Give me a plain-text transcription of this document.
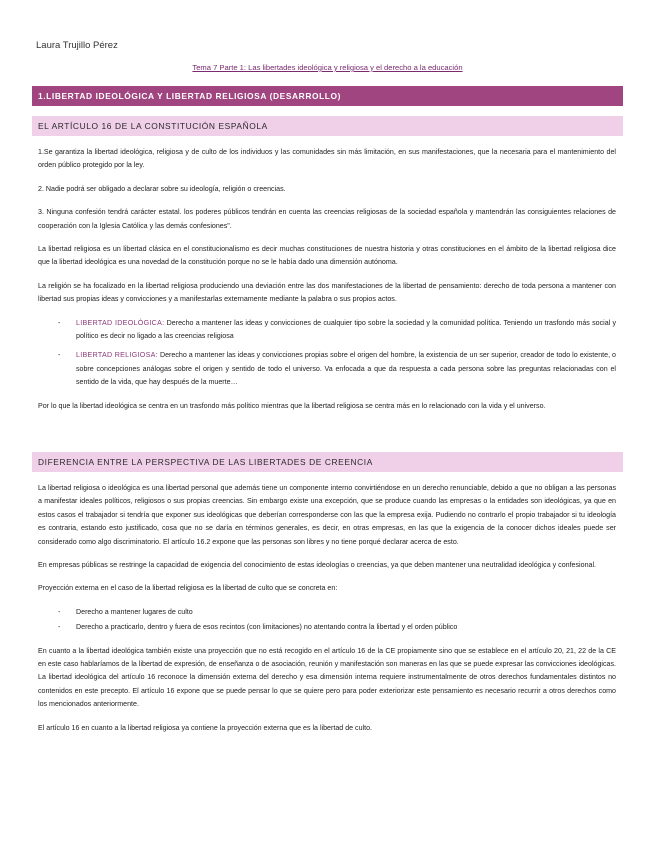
Laura Trujillo Pérez
Tema 7 Parte 1: Las libertades ideológica y religiosa y el derecho a la educación
1.LIBERTAD IDEOLÓGICA Y LIBERTAD RELIGIOSA (DESARROLLO)
EL ARTÍCULO 16 DE LA CONSTITUCIÓN ESPAÑOLA

1.Se garantiza la libertad ideológica, religiosa y de culto de los individuos y las comunidades sin más limitación, en sus manifestaciones, que la necesaria para el mantenimiento del orden público protegido por la ley.

2. Nadie podrá ser obligado a declarar sobre su ideología, religión o creencias.

3. Ninguna confesión tendrá carácter estatal. los poderes públicos tendrán en cuenta las creencias religiosas de la sociedad española y mantendrán las consiguientes relaciones de cooperación con la Iglesia Católica y las demás confesiones".

La libertad religiosa es un libertad clásica en el constitucionalismo es decir muchas constituciones de nuestra historia y otras constituciones en el ámbito de la libertad religiosa dice que la libertad ideológica es una novedad de la constitución porque no se le había dado una dimensión autónoma.

La religión se ha focalizado en la libertad religiosa produciendo una deviación entre las dos manifestaciones de la libertad de pensamiento: derecho de toda persona a mantener con libertad sus propias ideas y convicciones y a manifestarlas externamente mediante la palabra o sus propios actos.

- LIBERTAD IDEOLÓGICA: Derecho a mantener las ideas y convicciones de cualquier tipo sobre la sociedad y la comunidad política. Teniendo un trasfondo más social y político es decir no ligado a las creencias religiosa
- LIBERTAD RELIGIOSA: Derecho a mantener las ideas y convicciones propias sobre el origen del hombre, la existencia de un ser superior, creador de todo lo existente, o sobre concepciones análogas sobre el origen y sentido de todo el universo. Va enfocada a que da respuesta a cada persona sobre las preguntas relacionadas con el sentido de la vida, que hay después de la muerte…

Por lo que la libertad ideológica se centra en un trasfondo más político mientras que la libertad religiosa se centra más en lo relacionado con la vida y el universo.

DIFERENCIA ENTRE LA PERSPECTIVA DE LAS LIBERTADES DE CREENCIA

La libertad religiosa o ideológica es una libertad personal que además tiene un componente interno convirtiéndose en un derecho renunciable, debido a que no obligan a las personas a manifestar ideales políticos, religiosos o sus propias creencias. Sin embargo existe una excepción, que se produce cuando las empresas o la entidades son ideológicas, ya que en estos casos el trabajador si tendría que exponer sus ideológicas que deberían corresponderse con las que la empresa exija. Pudiendo no contrarlo el propio trabajador si tu ideología es contraria, estando esto justificado, cosa que no se daría en términos generales, es decir, en otras empresas, en las que la exigencia de la conocer dichos ideales puede ser considerado como algo discriminatorio. El artículo 16.2 expone que las personas son libres y no tiene porqué declarar acerca de esto.

En empresas públicas se restringe la capacidad de exigencia del conocimiento de estas ideologías o creencias, ya que deben mantener una neutralidad ideológica y confesional.

Proyección externa en el caso de la libertad religiosa es la libertad de culto que se concreta en:

- Derecho a mantener lugares de culto
- Derecho a practicarlo, dentro y fuera de esos recintos (con limitaciones) no atentando contra la libertad y el orden público

En cuanto a la libertad ideológica también existe una proyección que no está recogido en el artículo 16 de la CE propiamente sino que se establece en el artículo 20, 21, 22 de la CE en este caso hablaríamos de la libertad de expresión, de enseñanza o de asociación, reunión y manifestación son maneras en las que se puede expresar las convicciones ideológicas. La libertad ideológica del artículo 16 reconoce la dimensión externa del derecho y esa dimensión interna requiere instrumentalmente de otros derechos fundamentales distintos no contenidos en este precepto. El artículo 16 expone que se puede pensar lo que se quiere pero para poder exteriorizar este pensamiento es necesario recurrir a otros derechos como los mencionados anteriormente.

El artículo 16 en cuanto a la libertad religiosa ya contiene la proyección externa que es la libertad de culto.
